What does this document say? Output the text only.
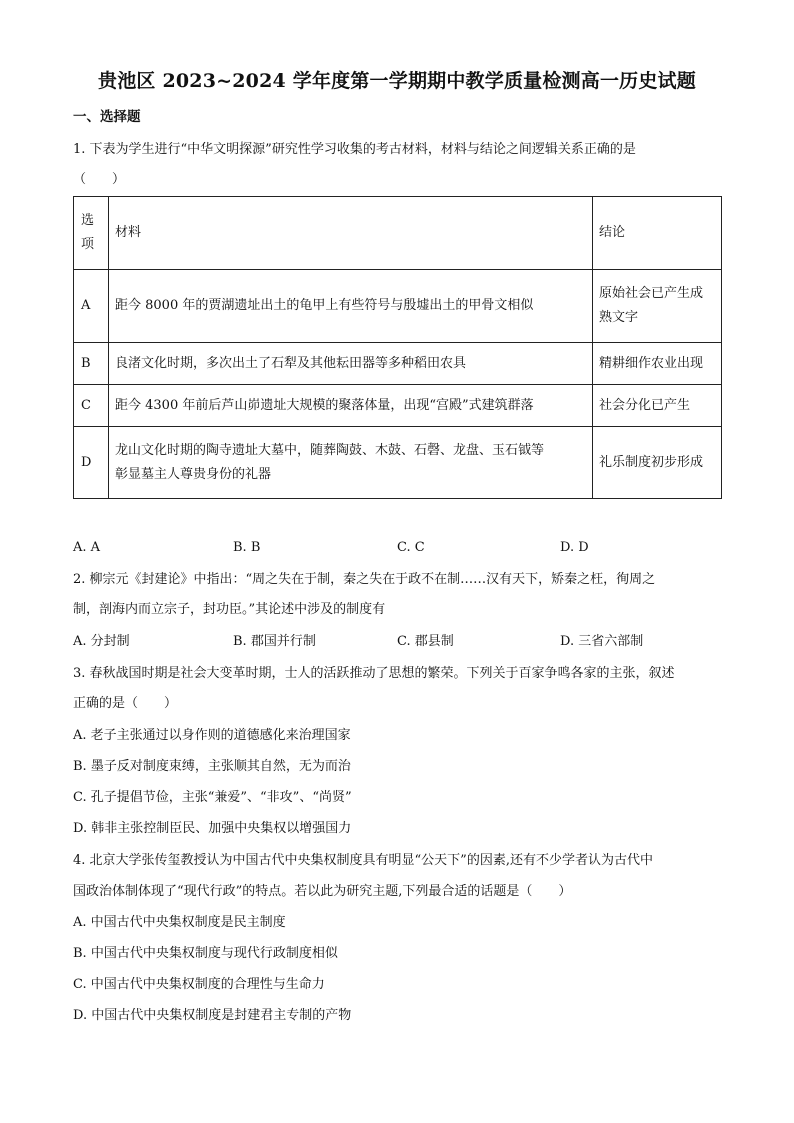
贵池区 2023~2024 学年度第一学期期中教学质量检测高一历史试题
一、选择题
1. 下表为学生进行“中华文明探源”研究性学习收集的考古材料，材料与结论之间逻辑关系正确的是
（　　）
选
项	材料	结论
A	距今 8000 年的贾湖遗址出土的龟甲上有些符号与殷墟出土的甲骨文相似	原始社会已产生成
熟文字

B	良渚文化时期，多次出土了石犁及其他耘田器等多种稻田农具	精耕细作农业出现
C	距今 4300 年前后芦山峁遗址大规模的聚落体量，出现“宫殿”式建筑群落	社会分化已产生
D	龙山文化时期的陶寺遗址大墓中，随葬陶鼓、木鼓、石磬、龙盘、玉石钺等
彰显墓主人尊贵身份的礼器	礼乐制度初步形成
A. A	B. B	C. C	D. D
2. 柳宗元《封建论》中指出：“周之失在于制，秦之失在于政不在制……汉有天下，矫秦之枉，徇周之
制，剖海内而立宗子，封功臣。”其论述中涉及的制度有
A. 分封制	B. 郡国并行制	C. 郡县制	D. 三省六部制
3. 春秋战国时期是社会大变革时期，士人的活跃推动了思想的繁荣。下列关于百家争鸣各家的主张，叙述
正确的是（　　）
A. 老子主张通过以身作则的道德感化来治理国家
B. 墨子反对制度束缚，主张顺其自然，无为而治
C. 孔子提倡节俭，主张“兼爱”、“非攻”、“尚贤”
D. 韩非主张控制臣民、加强中央集权以增强国力
4. 北京大学张传玺教授认为中国古代中央集权制度具有明显“公天下”的因素,还有不少学者认为古代中
国政治体制体现了“现代行政”的特点。若以此为研究主题,下列最合适的话题是（　　）
A. 中国古代中央集权制度是民主制度
B. 中国古代中央集权制度与现代行政制度相似
C. 中国古代中央集权制度的合理性与生命力
D. 中国古代中央集权制度是封建君主专制的产物
